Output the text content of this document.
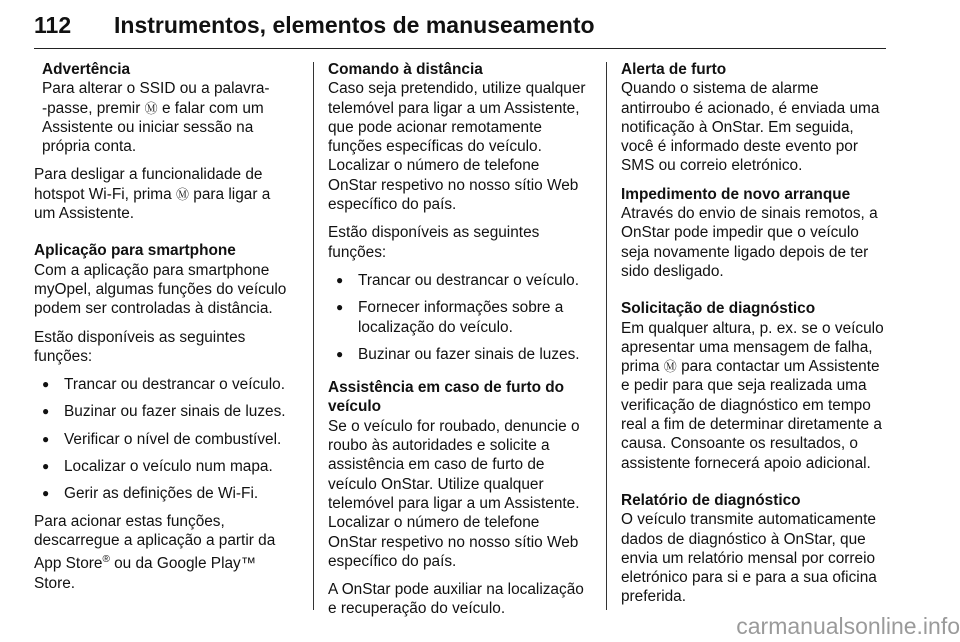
112 Instrumentos, elementos de manuseamento

Advertência

Para alterar o SSID ou a palavra-

-passe, premir Ⓜ e falar com um

Assistente ou iniciar sessão na

própria conta.

Para desligar a funcionalidade de

hotspot Wi-Fi, prima Ⓜ para ligar a

um Assistente.

Aplicação para smartphone

Com a aplicação para smartphone myOpel, algumas funções do veículo podem ser controladas à distância.

Estão disponíveis as seguintes funções:

● Trancar ou destrancar o veículo.
● Buzinar ou fazer sinais de luzes.
● Verificar o nível de combustível.
● Localizar o veículo num mapa.
● Gerir as definições de Wi-Fi.

Para acionar estas funções, descarregue a aplicação a partir da App Store® ou da Google Play™ Store.

Comando à distância

Caso seja pretendido, utilize qualquer telemóvel para ligar a um Assistente, que pode acionar remotamente funções específicas do veículo. Localizar o número de telefone OnStar respetivo no nosso sítio Web específico do país.

Estão disponíveis as seguintes funções:

● Trancar ou destrancar o veículo.
● Fornecer informações sobre a localização do veículo.
● Buzinar ou fazer sinais de luzes.

Assistência em caso de furto do veículo

Se o veículo for roubado, denuncie o roubo às autoridades e solicite a assistência em caso de furto de veículo OnStar. Utilize qualquer telemóvel para ligar a um Assistente. Localizar o número de telefone OnStar respetivo no nosso sítio Web específico do país.

A OnStar pode auxiliar na localização e recuperação do veículo.

Alerta de furto

Quando o sistema de alarme antirroubo é acionado, é enviada uma notificação à OnStar. Em seguida, você é informado deste evento por SMS ou correio eletrónico.

Impedimento de novo arranque

Através do envio de sinais remotos, a OnStar pode impedir que o veículo seja novamente ligado depois de ter sido desligado.

Solicitação de diagnóstico

Em qualquer altura, p. ex. se o veículo apresentar uma mensagem de falha, prima Ⓜ para contactar um Assistente e pedir para que seja realizada uma verificação de diagnóstico em tempo real a fim de determinar diretamente a causa. Consoante os resultados, o assistente fornecerá apoio adicional.

Relatório de diagnóstico

O veículo transmite automaticamente dados de diagnóstico à OnStar, que envia um relatório mensal por correio eletrónico para si e para a sua oficina preferida.

carmanualsonline.info
